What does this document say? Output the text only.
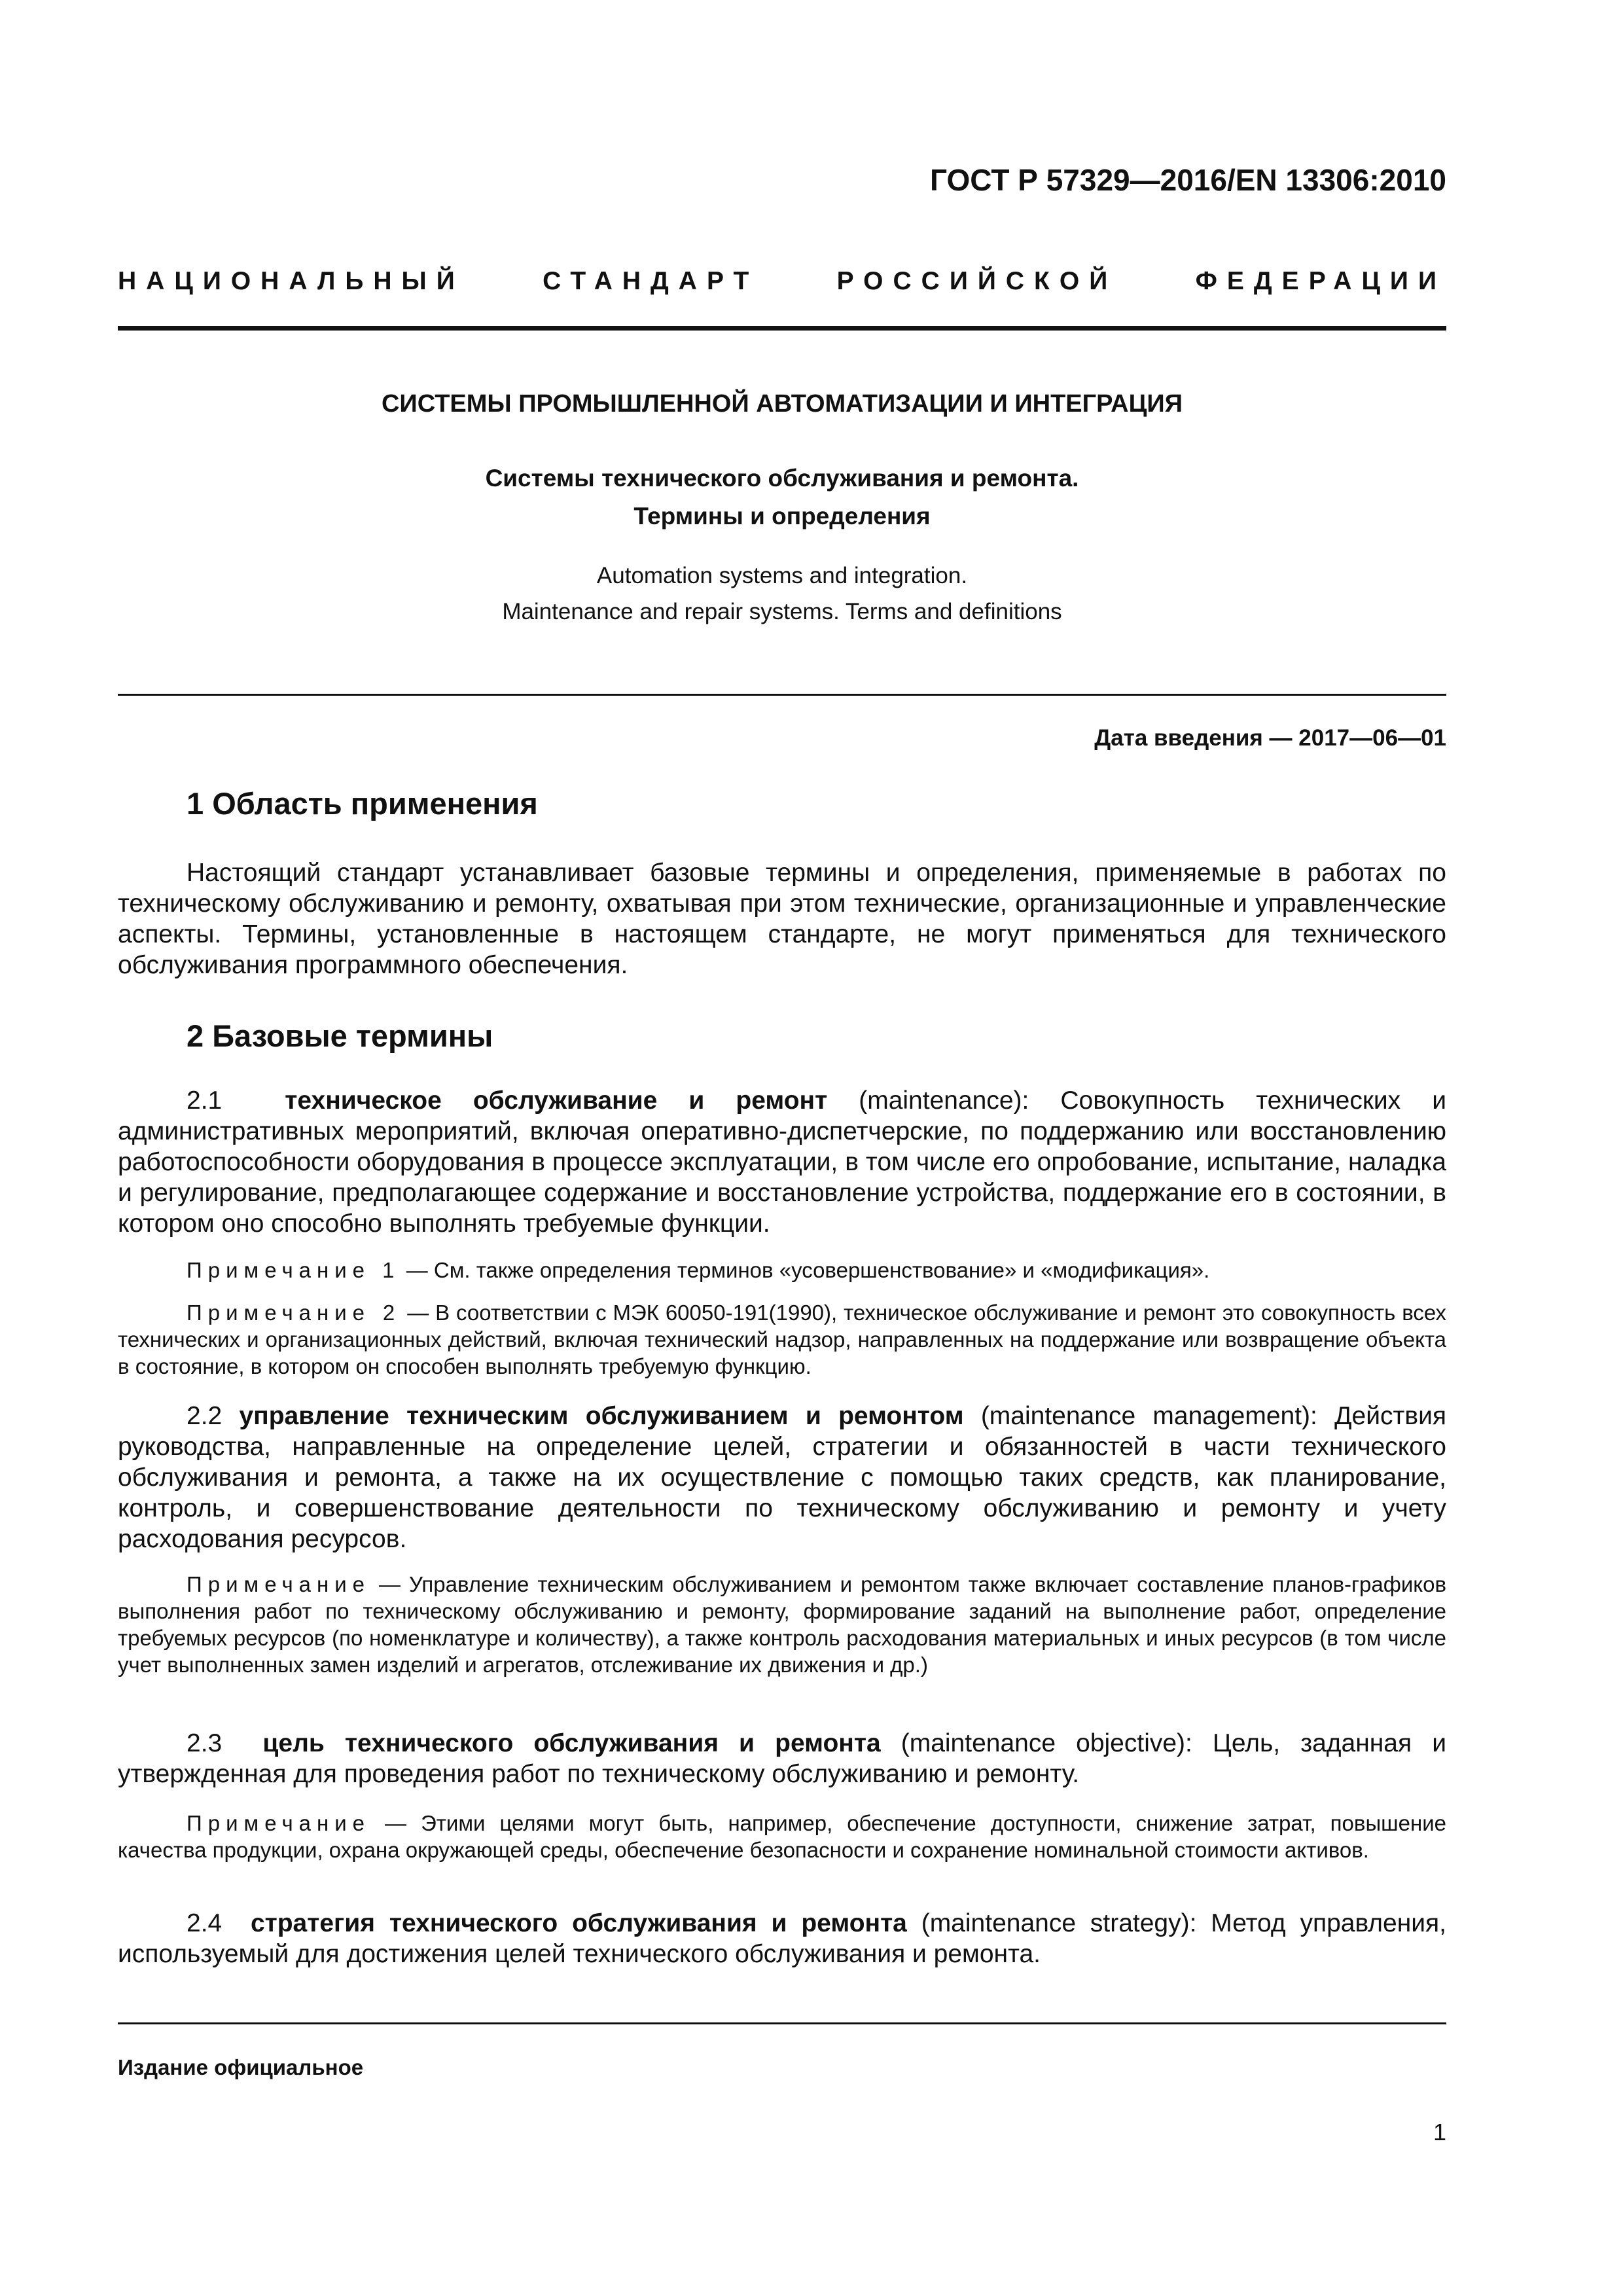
ГОСТ Р 57329—2016/EN 13306:2010
НАЦИОНАЛЬНЫЙ СТАНДАРТ РОССИЙСКОЙ ФЕДЕРАЦИИ
СИСТЕМЫ ПРОМЫШЛЕННОЙ АВТОМАТИЗАЦИИ И ИНТЕГРАЦИЯ
Системы технического обслуживания и ремонта.
Термины и определения
Automation systems and integration.
Maintenance and repair systems. Terms and definitions
Дата введения — 2017—06—01
1 Область применения
Настоящий стандарт устанавливает базовые термины и определения, применяемые в работах по техническому обслуживанию и ремонту, охватывая при этом технические, организационные и управленческие аспекты. Термины, установленные в настоящем стандарте, не могут применяться для технического обслуживания программного обеспечения.
2 Базовые термины
2.1 техническое обслуживание и ремонт (maintenance): Совокупность технических и административных мероприятий, включая оперативно-диспетчерские, по поддержанию или восстановлению работоспособности оборудования в процессе эксплуатации, в том числе его опробование, испытание, наладка и регулирование, предполагающее содержание и восстановление устройства, поддержание его в состоянии, в котором оно способно выполнять требуемые функции.
Примечание 1 — См. также определения терминов «усовершенствование» и «модификация».
Примечание 2 — В соответствии с МЭК 60050-191(1990), техническое обслуживание и ремонт это совокупность всех технических и организационных действий, включая технический надзор, направленных на поддержание или возвращение объекта в состояние, в котором он способен выполнять требуемую функцию.
2.2 управление техническим обслуживанием и ремонтом (maintenance management): Действия руководства, направленные на определение целей, стратегии и обязанностей в части технического обслуживания и ремонта, а также на их осуществление с помощью таких средств, как планирование, контроль, и совершенствование деятельности по техническому обслуживанию и ремонту и учету расходования ресурсов.
Примечание — Управление техническим обслуживанием и ремонтом также включает составление планов-графиков выполнения работ по техническому обслуживанию и ремонту, формирование заданий на выполнение работ, определение требуемых ресурсов (по номенклатуре и количеству), а также контроль расходования материальных и иных ресурсов (в том числе учет выполненных замен изделий и агрегатов, отслеживание их движения и др.)
2.3 цель технического обслуживания и ремонта (maintenance objective): Цель, заданная и утвержденная для проведения работ по техническому обслуживанию и ремонту.
Примечание — Этими целями могут быть, например, обеспечение доступности, снижение затрат, повышение качества продукции, охрана окружающей среды, обеспечение безопасности и сохранение номинальной стоимости активов.
2.4 стратегия технического обслуживания и ремонта (maintenance strategy): Метод управления, используемый для достижения целей технического обслуживания и ремонта.
Издание официальное
1
